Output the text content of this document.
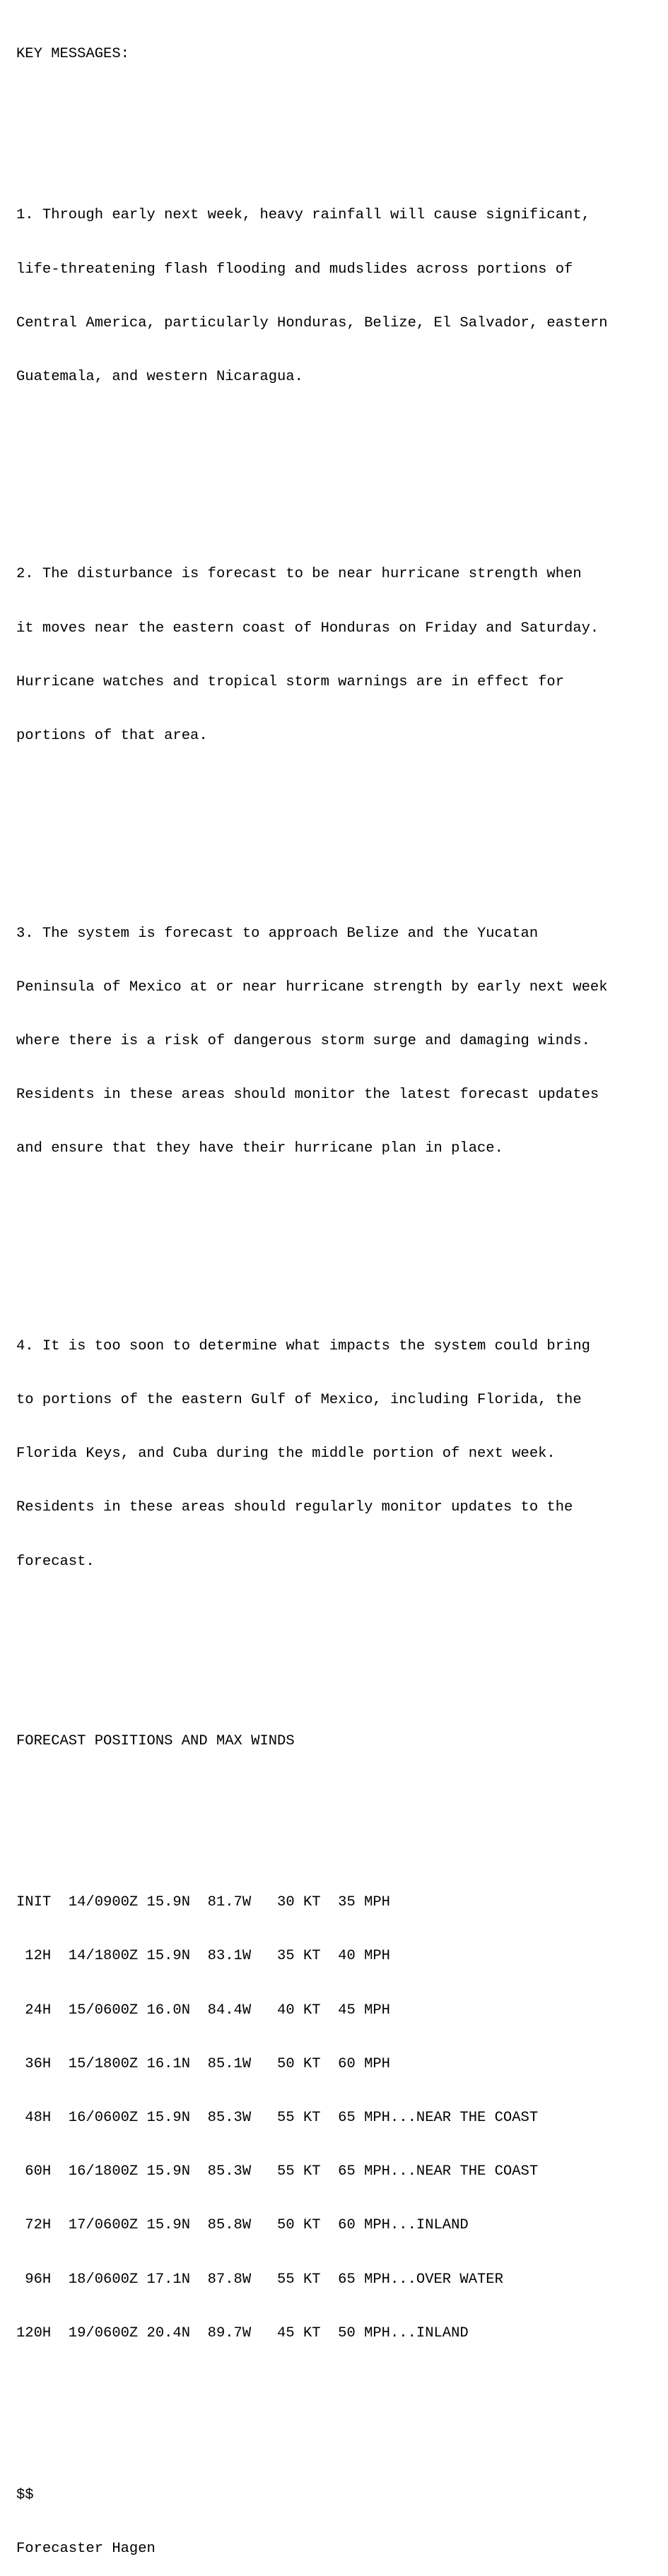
KEY MESSAGES:

1. Through early next week, heavy rainfall will cause significant,

life-threatening flash flooding and mudslides across portions of

Central America, particularly Honduras, Belize, El Salvador, eastern

Guatemala, and western Nicaragua.

2. The disturbance is forecast to be near hurricane strength when

it moves near the eastern coast of Honduras on Friday and Saturday.

Hurricane watches and tropical storm warnings are in effect for

portions of that area.

3. The system is forecast to approach Belize and the Yucatan

Peninsula of Mexico at or near hurricane strength by early next week

where there is a risk of dangerous storm surge and damaging winds.

Residents in these areas should monitor the latest forecast updates

and ensure that they have their hurricane plan in place.

4. It is too soon to determine what impacts the system could bring

to portions of the eastern Gulf of Mexico, including Florida, the

Florida Keys, and Cuba during the middle portion of next week.

Residents in these areas should regularly monitor updates to the

forecast.

FORECAST POSITIONS AND MAX WINDS

INIT  14/0900Z 15.9N  81.7W   30 KT  35 MPH

12H  14/1800Z 15.9N  83.1W   35 KT  40 MPH

24H  15/0600Z 16.0N  84.4W   40 KT  45 MPH

36H  15/1800Z 16.1N  85.1W   50 KT  60 MPH

48H  16/0600Z 15.9N  85.3W   55 KT  65 MPH...NEAR THE COAST

60H  16/1800Z 15.9N  85.3W   55 KT  65 MPH...NEAR THE COAST

72H  17/0600Z 15.9N  85.8W   50 KT  60 MPH...INLAND

96H  18/0600Z 17.1N  87.8W   55 KT  65 MPH...OVER WATER

120H  19/0600Z 20.4N  89.7W   45 KT  50 MPH...INLAND

$$

Forecaster Hagen
